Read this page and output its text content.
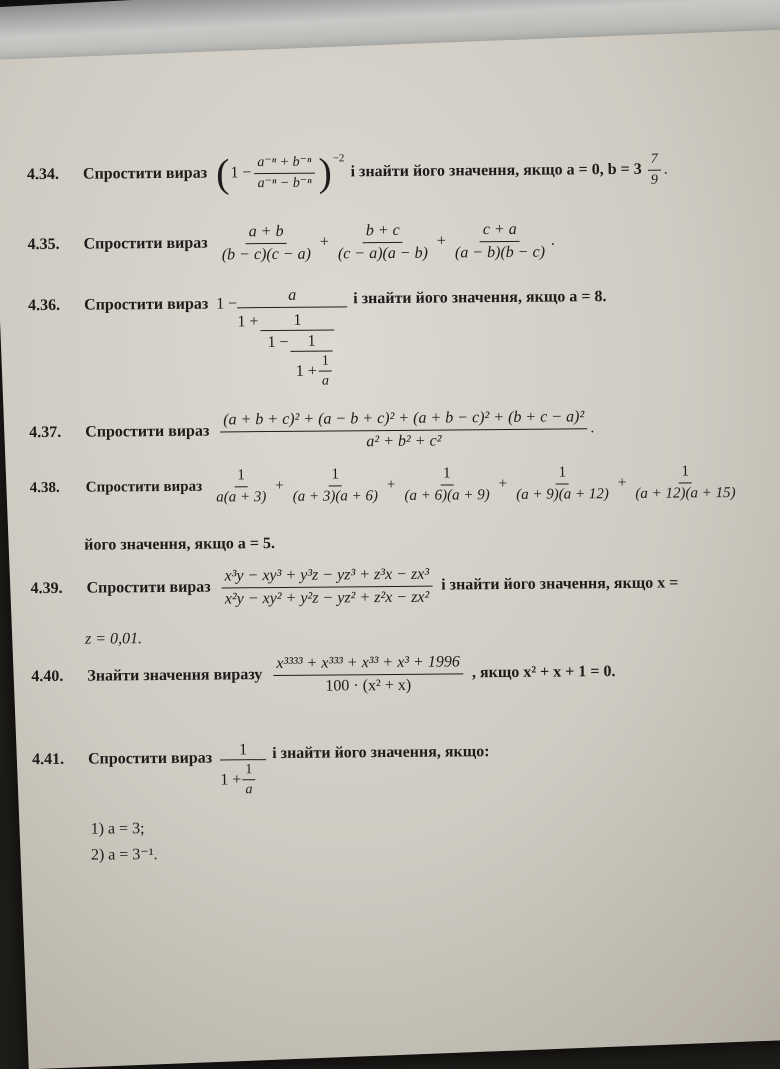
4.34.	Спростити вираз ( $1 - \frac{\text{a⁻ⁿ + b⁻ⁿ}}{\text{a⁻ⁿ − b⁻ⁿ}}$ ) −2
і знайти його значення, якщо a = 0, $b = 3 \frac{7}{9}$ .
4.35.	Спростити вираз $\frac{a + b}{(b - c)(c - a)} + \frac{b + c}{(c - a)(a - b)} + \frac{c + a}{(a - b)(b - c)}$ .
4.36.	Спростити вираз 1 −	a
1 +	1
1 −	1
$1 + \frac{1}{a}$
і знайти його значення, якщо a = 8.
4.37.	Спростити вираз $\frac{\text{(a + b + c)² + (a − b + c)² + (a + b − c)² + (b + c − a)²}}{\text{a² + b² + c²}}$ .
4.38.	Спростити вираз $\frac{1}{a(a + 3)} + \frac{1}{(a + 3)(a + 6)} + \frac{1}{(a + 6)(a + 9)} + \frac{1}{(a + 9)(a + 12)} + \frac{1}{(a + 12)(a + 15)}$
його значення, якщо a = 5.
4.39.	Спростити вираз $\frac{\text{x³y − xy³ + y³z − yz³ + z³x − zx³}}{\text{x²y − xy² + y²z − yz² + z²x − zx²}}$ і знайти його значення, якщо x =
z = 0,01.
4.40.	Знайти значення виразу $\frac{\text{x³³³³ + x³³³ + x³³ + x³ + 1996}}{\text{100 · (x² + x)}}$ , якщо x² + x + 1 = 0.
4.41.	Спростити вираз $\frac{1}{1 + \frac{1}{a}}$ і знайти його значення, якщо:
1) a = 3;
2) a = 3⁻¹.
